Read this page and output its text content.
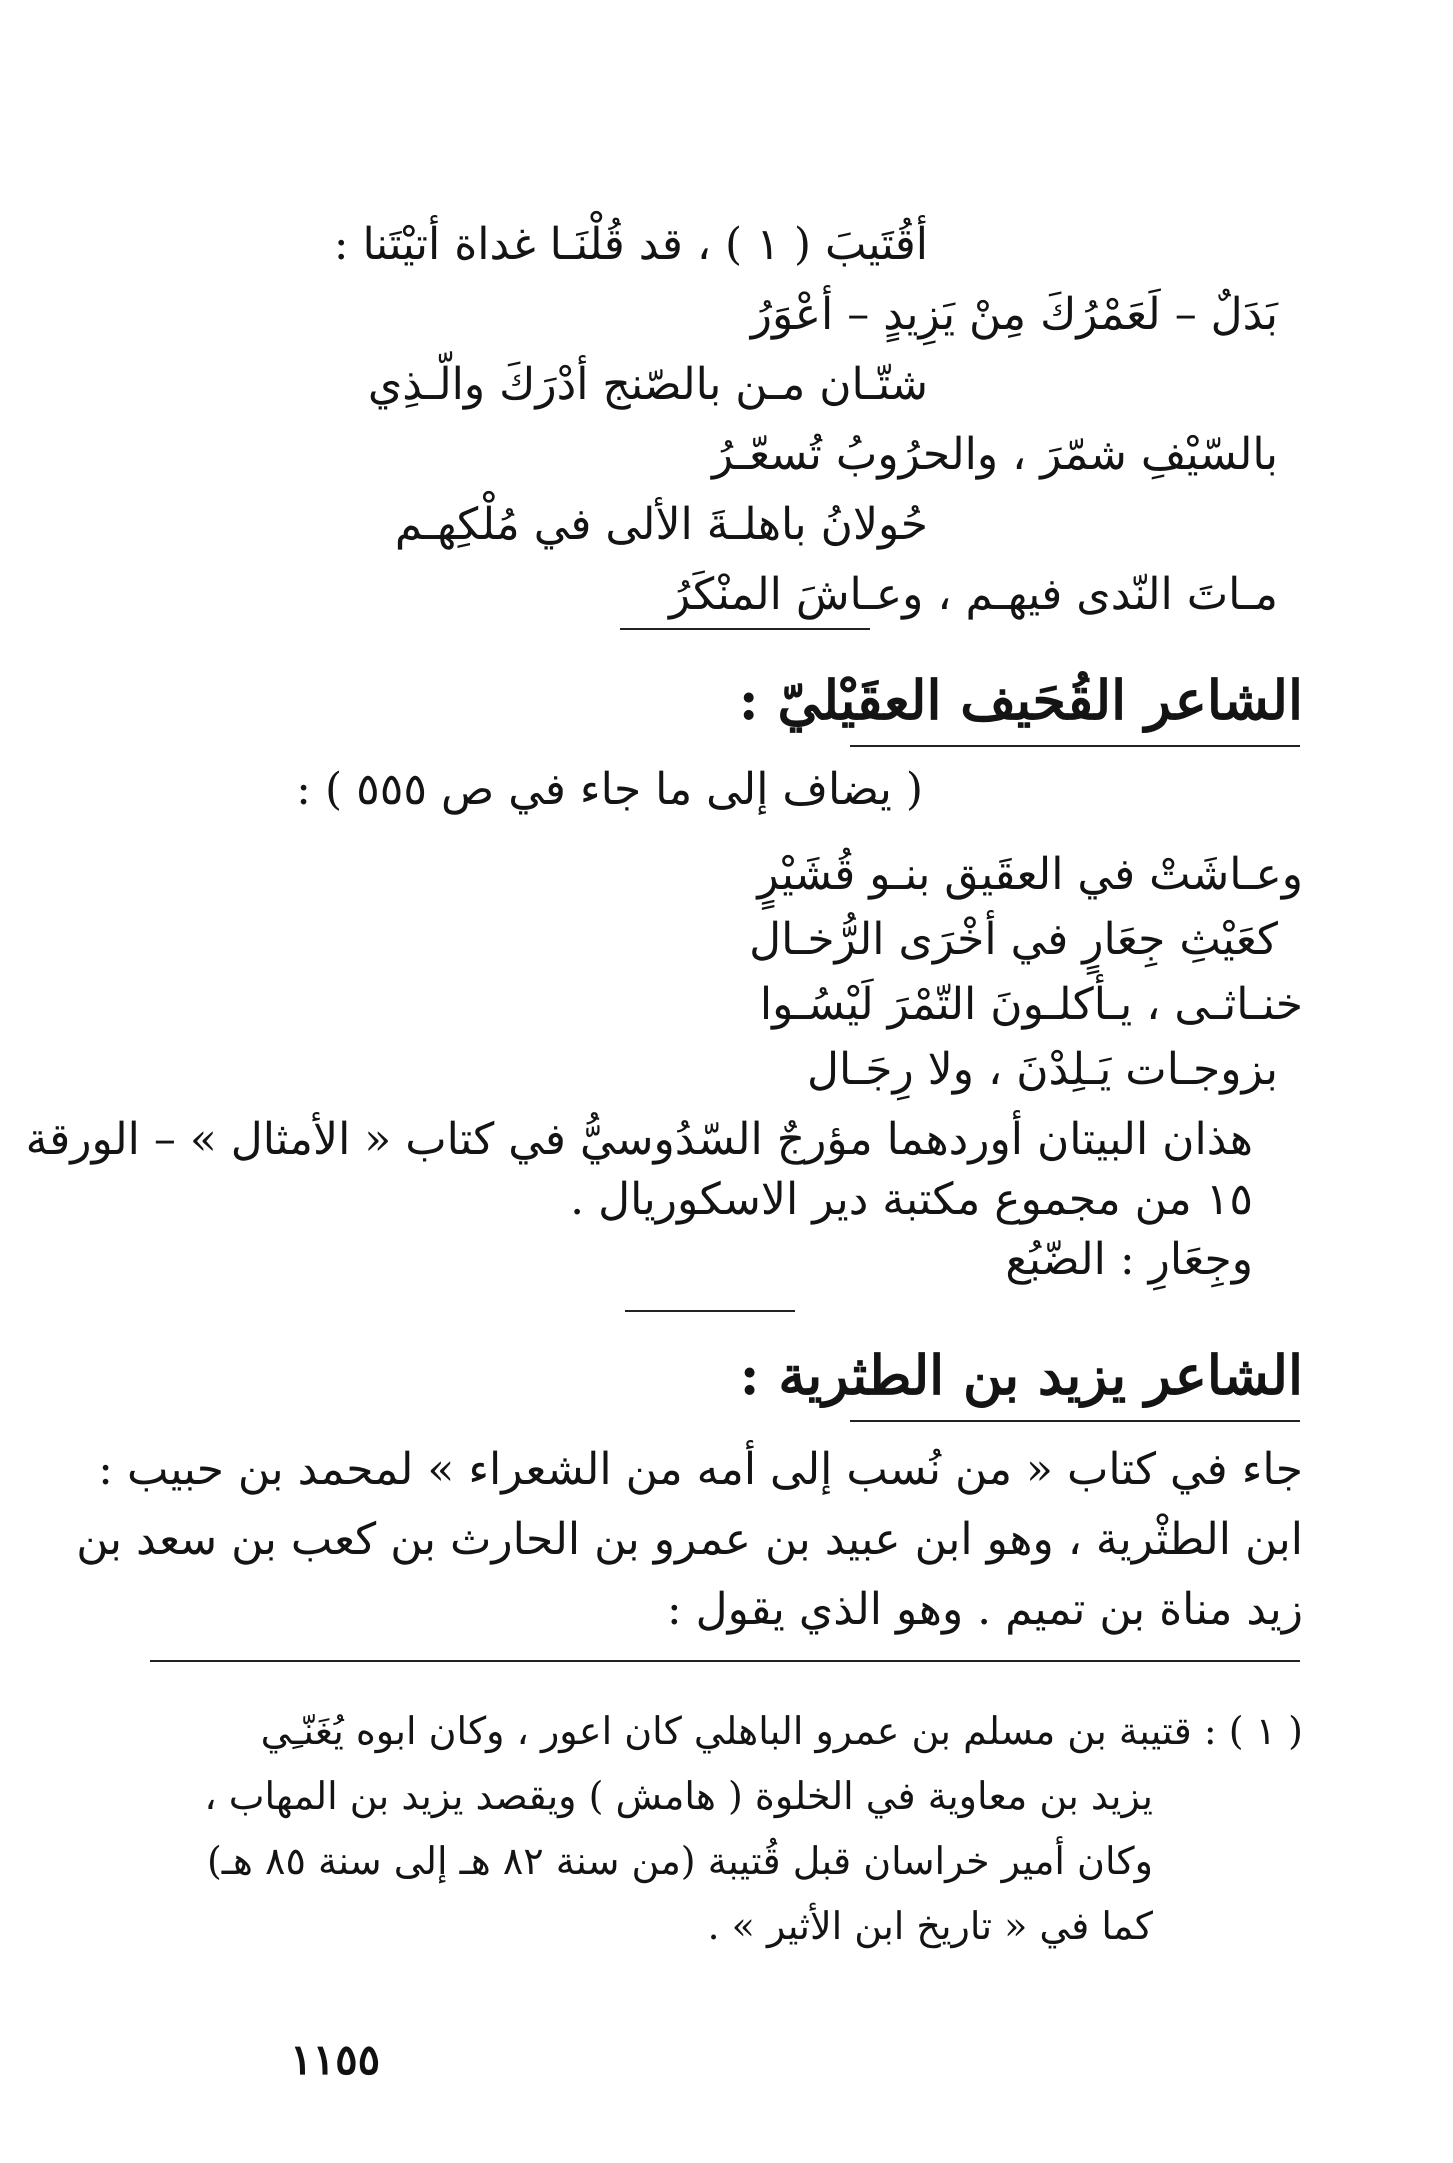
أقُتَيبَ ( ١ ) ، قد قُلْنَـا غداة أتيْتَنا :
بَدَلٌ – لَعَمْرُكَ مِنْ يَزِيدٍ – أعْوَرُ
شتّـان مـن بالصّنج أدْرَكَ والّـذِي
بالسّيْفِ شمّرَ ، والحرُوبُ تُسعّـرُ
حُولانُ باهلـةَ الألى في مُلْكِهـم
مـاتَ النّدى فيهـم ، وعـاشَ المنْكَرُ
الشاعر القُحَيف العقَيْليّ :
( يضاف إلى ما جاء في ص ٥٥٥ ) :
وعـاشَتْ في العقَيق بنـو قُشَيْرٍ
كعَيْثِ جِعَارٍ في أخْرَى الرُّخـال
خنـاثـى ، يـأكلـونَ التّمْرَ لَيْسُـوا
بزوجـات يَـلِدْنَ ، ولا رِجَـال
هذان البيتان أوردهما مؤرجٌ السّدُوسيُّ في كتاب « الأمثال » – الورقة
١٥ من مجموع مكتبة دير الاسكوريال .
وجِعَارِ : الضّبُع
الشاعر يزيد بن الطثرية :
جاء في كتاب « من نُسب إلى أمه من الشعراء » لمحمد بن حبيب :
ابن الطثْرية ، وهو ابن عبيد بن عمرو بن الحارث بن كعب بن سعد بن
زيد مناة بن تميم . وهو الذي يقول :
( ١ ) : قتيبة بن مسلم بن عمرو الباهلي كان اعور ، وكان ابوه يُغَنّـِي
يزيد بن معاوية في الخلوة ( هامش ) ويقصد يزيد بن المهاب ،
وكان أمير خراسان قبل قُتيبة (من سنة ٨٢ هـ إلى سنة ٨٥ هـ)
كما في « تاريخ ابن الأثير » .
١١٥٥
